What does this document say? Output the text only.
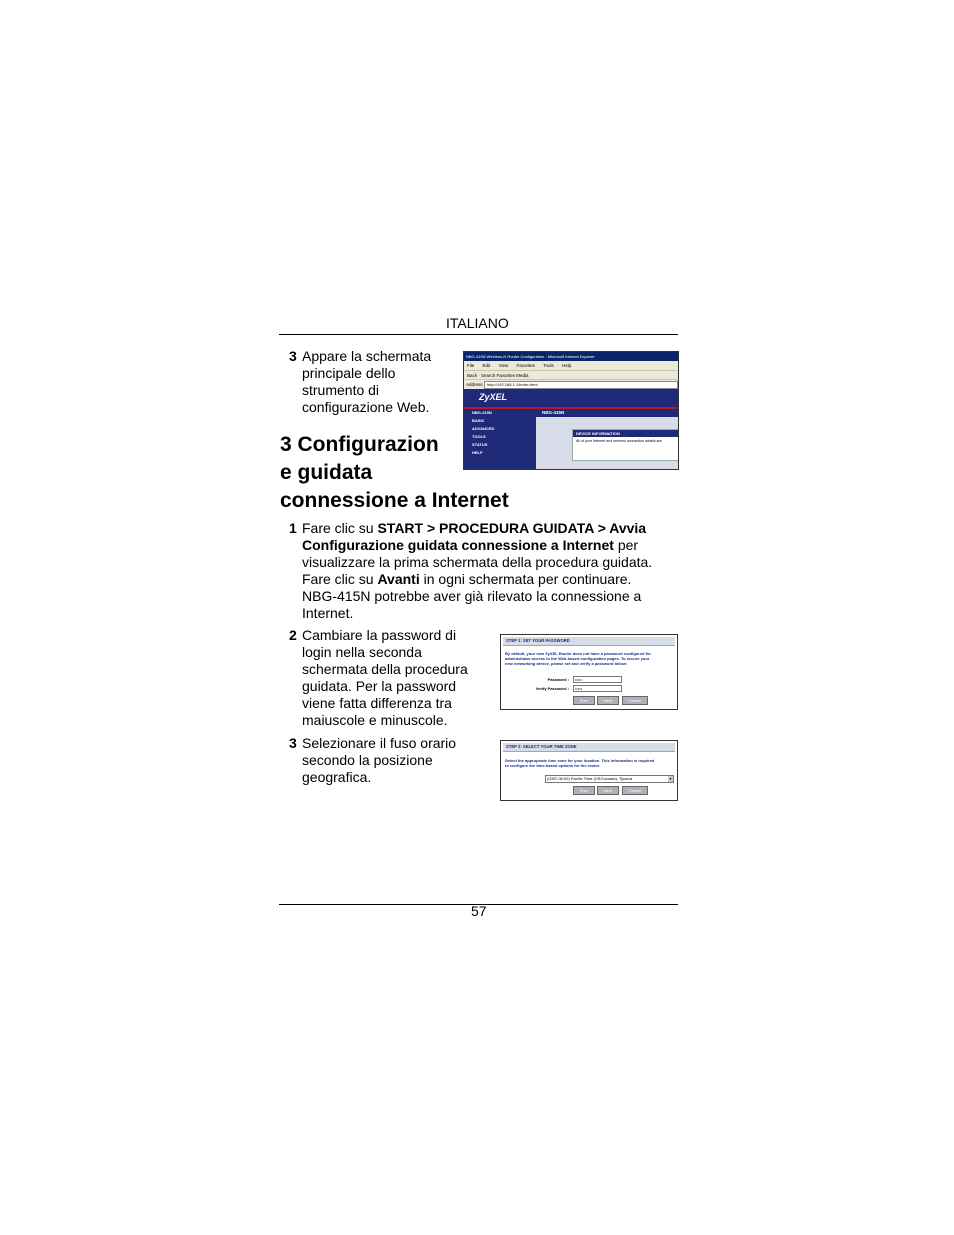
ITALIANO
3 Appare la schermata
principale dello
strumento di
configurazione Web.
NBG-415N Wireless-N Router Configuration - Microsoft Internet Explorer
File Edit View Favorites Tools Help
Back · Search Favorites Media
Address	http://192.168.1.1/index.html
ZyXEL
NBG-415N
BASIC
ADVANCED
TOOLS
STATUS
HELP
NBG-415N
DEVICE INFORMATION
All of your Internet and network connection details are
3 Configurazion
e guidata
connessione a Internet
1 Fare clic su START > PROCEDURA GUIDATA > Avvia
Configurazione guidata connessione a Internet per
visualizzare la prima schermata della procedura guidata.
Fare clic su Avanti in ogni schermata per continuare.
NBG-415N potrebbe aver già rilevato la connessione a
Internet.
2 Cambiare la password di
login nella seconda
schermata della procedura
guidata. Per la password
viene fatta differenza tra
maiuscole e minuscole.
STEP 1: SET YOUR PASSWORD
By default, your new ZyXEL Router does not have a password configured for
administrator access to the Web-based configuration pages. To secure your
new networking device, please set and verify a password below:
Password :	•••••
Verify Password :	•••••
Prev	Next	Cancel
3 Selezionare il fuso orario
secondo la posizione
geografica.
STEP 2: SELECT YOUR TIME ZONE
Select the appropriate time zone for your location. This information is required
to configure the time-based options for the router.
(GMT-08:00) Pacific Time (US/Canada), Tijuana	▾
Prev	Next	Cancel
57
